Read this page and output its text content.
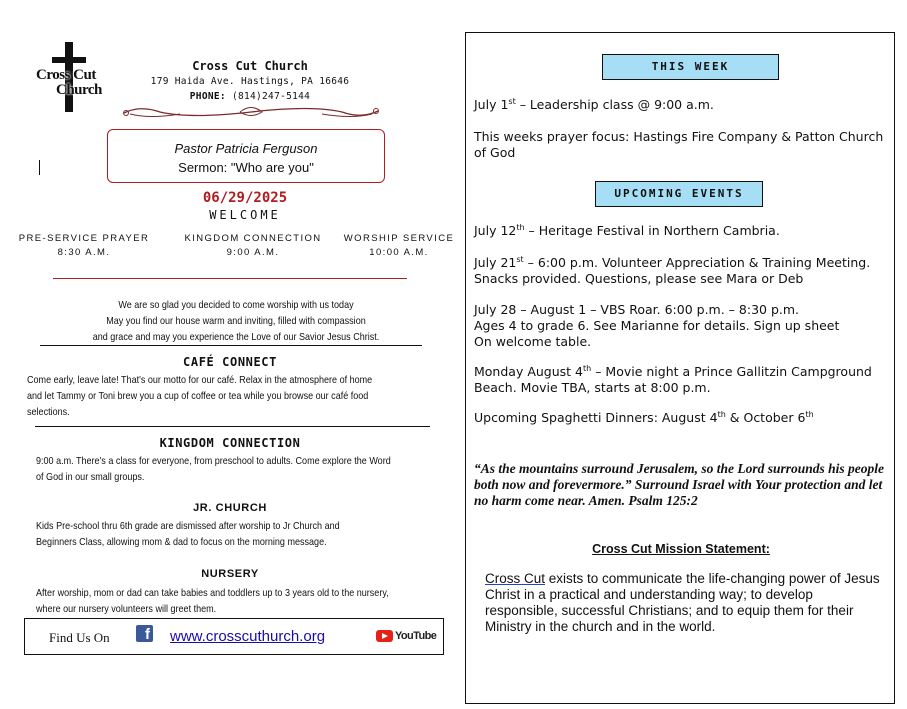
Cross Cut
Church
Cross Cut Church
179 Haida Ave. Hastings, PA 16646
PHONE: (814)247-5144
Pastor Patricia Ferguson
Sermon: "Who are you"
06/29/2025
WELCOME
PRE-SERVICE PRAYER
8:30 A.M.
KINGDOM CONNECTION
9:00 A.M.
WORSHIP SERVICE
10:00 A.M.
We are so glad you decided to come worship with us today
May you find our house warm and inviting, filled with compassion
and grace and may you experience the Love of our Savior Jesus Christ.
CAFÉ CONNECT
Come early, leave late! That's our motto for our café. Relax in the atmosphere of home
and let Tammy or Toni brew you a cup of coffee or tea while you browse our café food
selections.
KINGDOM CONNECTION
9:00 a.m. There's a class for everyone, from preschool to adults. Come explore the Word
of God in our small groups.
JR. CHURCH
Kids Pre-school thru 6th grade are dismissed after worship to Jr Church and
Beginners Class, allowing mom & dad to focus on the morning message.
NURSERY
After worship, mom or dad can take babies and toddlers up to 3 years old to the nursery,
where our nursery volunteers will greet them.
Find Us On	f www.crosscuthurch.org	YouTube
THIS WEEK
July 1st – Leadership class @ 9:00 a.m.
This weeks prayer focus: Hastings Fire Company & Patton Church of God
UPCOMING EVENTS
July 12th – Heritage Festival in Northern Cambria.
July 21st – 6:00 p.m. Volunteer Appreciation & Training Meeting. Snacks provided. Questions, please see Mara or Deb
July 28 – August 1 – VBS Roar. 6:00 p.m. – 8:30 p.m.
Ages 4 to grade 6. See Marianne for details. Sign up sheet
On welcome table.
Monday August 4th – Movie night a Prince Gallitzin Campground Beach. Movie TBA, starts at 8:00 p.m.
Upcoming Spaghetti Dinners: August 4th & October 6th
“As the mountains surround Jerusalem, so the Lord surrounds his people both now and forevermore.” Surround Israel with Your protection and let no harm come near. Amen. Psalm 125:2
Cross Cut Mission Statement:
Cross Cut exists to communicate the life-changing power of Jesus Christ in a practical and understanding way; to develop responsible, successful Christians; and to equip them for their Ministry in the church and in the world.
